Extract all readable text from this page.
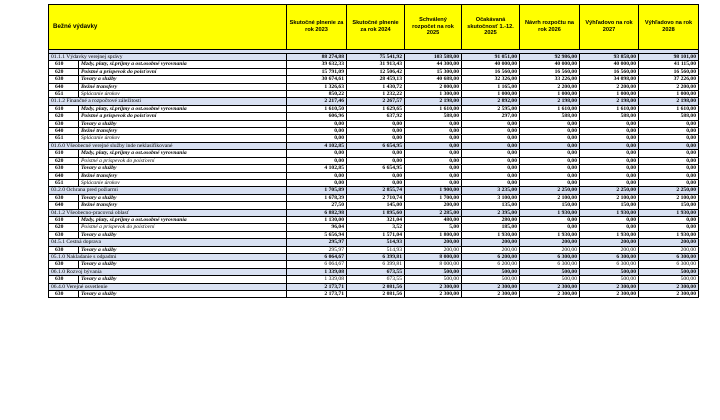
Bežné výdavky		Skutočné plnenie za rok 2023	Skutočné plnenie za rok 2024	Schválený rozpočet na rok 2025	Očakávaná skutočnosť 1.-12. 2025	Návrh rozpočtu na rok 2026	Výhľadovo na rok 2027	Výhľadovo na rok 2028

01.1.1 Výdavky verejnej správy		88 274,88	75 541,92	103 588,00	91 051,00	92 986,00	93 858,00	98 101,00
610	Mzdy, platy, sl.príjmy a ost.osobné vyrovnania	39 632,33	31 913,43	44 300,00	40 000,00	40 000,00	40 000,00	41 115,00
620	Poistné a príspevok do poisťovní	15 791,09	12 506,42	15 300,00	16 560,00	16 560,00	16 560,00	16 560,00
630	Tovary a služby	30 674,61	28 459,13	40 688,00	32 326,00	33 226,00	34 098,00	37 226,00
640	Bežné transfery	1 326,63	1 430,72	2 000,00	1 165,00	2 200,00	2 200,00	2 200,00
651	Splácanie úrokov	850,22	1 232,22	1 300,00	1 000,00	1 000,00	1 000,00	1 000,00
01.1.2 Finančné a rozpočtové záležitosti		2 217,46	2 267,57	2 198,00	2 892,00	2 198,00	2 198,00	2 198,00
610	Mzdy, platy, sl.príjmy a ost.osobné vyrovnania	1 610,50	1 629,65	1 610,00	2 595,00	1 610,00	1 610,00	1 610,00
620	Poistné a príspevok do poisťovní	606,96	637,92	588,00	297,00	588,00	588,00	588,00
630	Tovary a služby	0,00	0,00	0,00	0,00	0,00	0,00	0,00
640	Bežné transfery	0,00	0,00	0,00	0,00	0,00	0,00	0,00
651	Splácanie úrokov	0,00	0,00	0,00	0,00	0,00	0,00	0,00
01.6.0 Všeobecné verejné služby inde neklasifikované		4 102,85	6 654,95	0,00	0,00	0,00	0,00	0,00
610	Mzdy, platy, sl.príjmy a ost.osobné vyrovnania	0,00	0,00	0,00	0,00	0,00	0,00	0,00
620	Poistné a príspevok do poisťovní	0,00	0,00	0,00	0,00	0,00	0,00	0,00
630	Tovary a služby	4 102,85	6 654,95	0,00	0,00	0,00	0,00	0,00
640	Bežné transfery	0,00	0,00	0,00	0,00	0,00	0,00	0,00
651	Splácanie úrokov	0,00	0,00	0,00	0,00	0,00	0,00	0,00
03.2.0 Ochrana pred požiarmi		1 705,89	2 855,74	1 900,00	3 235,00	2 250,00	2 250,00	2 250,00
630	Tovary a služby	1 678,39	2 710,74	1 700,00	3 100,00	2 100,00	2 100,00	2 100,00
640	Bežné transfery	27,50	145,00	200,00	135,00	150,00	150,00	150,00
04.1.2 Všeobecno-pracovná oblasť		6 882,98	1 895,60	2 285,00	2 395,00	1 930,00	1 930,00	1 930,00
610	Mzdy, platy, sl.príjmy a ost.osobné vyrovnania	1 130,00	321,04	480,00	280,00	0,00	0,00	0,00
620	Poistné a príspevok do poisťovní	96,04	3,52	5,00	185,00	0,00	0,00	0,00
630	Tovary a služby	5 656,94	1 571,04	1 800,00	1 930,00	1 930,00	1 930,00	1 930,00
04.5.1 Cestná doprava		295,97	514,93	200,00	200,00	200,00	200,00	200,00
630	Tovary a služby	295,97	514,93	200,00	200,00	200,00	200,00	200,00
05.1.0 Nakladanie s odpadmi		6 064,67	6 399,81	8 000,00	6 200,00	6 300,00	6 300,00	6 300,00
630	Tovary a služby	6 064,67	6 399,81	8 000,00	6 200,00	6 300,00	6 300,00	6 300,00
06.1.0 Rozvoj bývania		1 339,08	673,55	500,00	500,00	500,00	500,00	500,00
630	Tovary a služby	1 339,08	673,55	500,00	500,00	500,00	500,00	500,00
06.4.0 Verejné osvetlenie		2 173,71	2 081,56	2 300,00	2 300,00	2 300,00	2 300,00	2 300,00
630	Tovary a služby	2 173,71	2 081,56	2 300,00	2 300,00	2 300,00	2 300,00	2 300,00
